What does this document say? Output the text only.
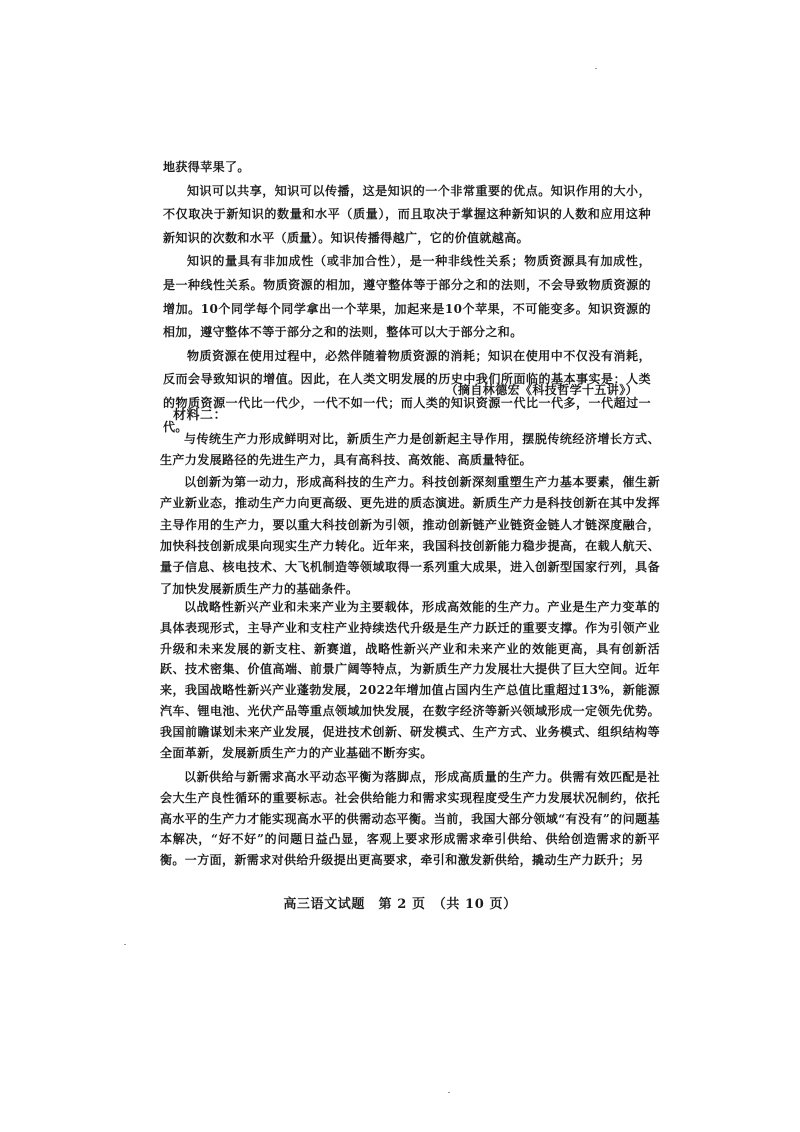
地获得苹果了。

知识可以共享，知识可以传播，这是知识的一个非常重要的优点。知识作用的大小，不仅取决于新知识的数量和水平（质量），而且取决于掌握这种新知识的人数和应用这种新知识的次数和水平（质量）。知识传播得越广，它的价值就越高。

知识的量具有非加成性（或非加合性），是一种非线性关系；物质资源具有加成性，是一种线性关系。物质资源的相加，遵守整体等于部分之和的法则，不会导致物质资源的增加。10个同学每个同学拿出一个苹果，加起来是10个苹果，不可能变多。知识资源的相加，遵守整体不等于部分之和的法则，整体可以大于部分之和。

物质资源在使用过程中，必然伴随着物质资源的消耗；知识在使用中不仅没有消耗，反而会导致知识的增值。因此，在人类文明发展的历史中我们所面临的基本事实是：人类的物质资源一代比一代少，一代不如一代；而人类的知识资源一代比一代多，一代超过一代。

（摘自林德宏《科技哲学十五讲》）
材料二：

与传统生产力形成鲜明对比，新质生产力是创新起主导作用，摆脱传统经济增长方式、生产力发展路径的先进生产力，具有高科技、高效能、高质量特征。

以创新为第一动力，形成高科技的生产力。科技创新深刻重塑生产力基本要素，催生新产业新业态，推动生产力向更高级、更先进的质态演进。新质生产力是科技创新在其中发挥主导作用的生产力，要以重大科技创新为引领，推动创新链产业链资金链人才链深度融合，加快科技创新成果向现实生产力转化。近年来，我国科技创新能力稳步提高，在载人航天、量子信息、核电技术、大飞机制造等领域取得一系列重大成果，进入创新型国家行列，具备了加快发展新质生产力的基础条件。

以战略性新兴产业和未来产业为主要载体，形成高效能的生产力。产业是生产力变革的具体表现形式，主导产业和支柱产业持续迭代升级是生产力跃迁的重要支撑。作为引领产业升级和未来发展的新支柱、新赛道，战略性新兴产业和未来产业的效能更高，具有创新活跃、技术密集、价值高端、前景广阔等特点，为新质生产力发展壮大提供了巨大空间。近年来，我国战略性新兴产业蓬勃发展，2022年增加值占国内生产总值比重超过13%，新能源汽车、锂电池、光伏产品等重点领域加快发展，在数字经济等新兴领域形成一定领先优势。我国前瞻谋划未来产业发展，促进技术创新、研发模式、生产方式、业务模式、组织结构等全面革新，发展新质生产力的产业基础不断夯实。

以新供给与新需求高水平动态平衡为落脚点，形成高质量的生产力。供需有效匹配是社会大生产良性循环的重要标志。社会供给能力和需求实现程度受生产力发展状况制约，依托高水平的生产力才能实现高水平的供需动态平衡。当前，我国大部分领域“有没有”的问题基本解决，“好不好”的问题日益凸显，客观上要求形成需求牵引供给、供给创造需求的新平衡。一方面，新需求对供给升级提出更高要求，牵引和激发新供给，撬动生产力跃升；另

高三语文试题　第 2 页　（共 10 页）
